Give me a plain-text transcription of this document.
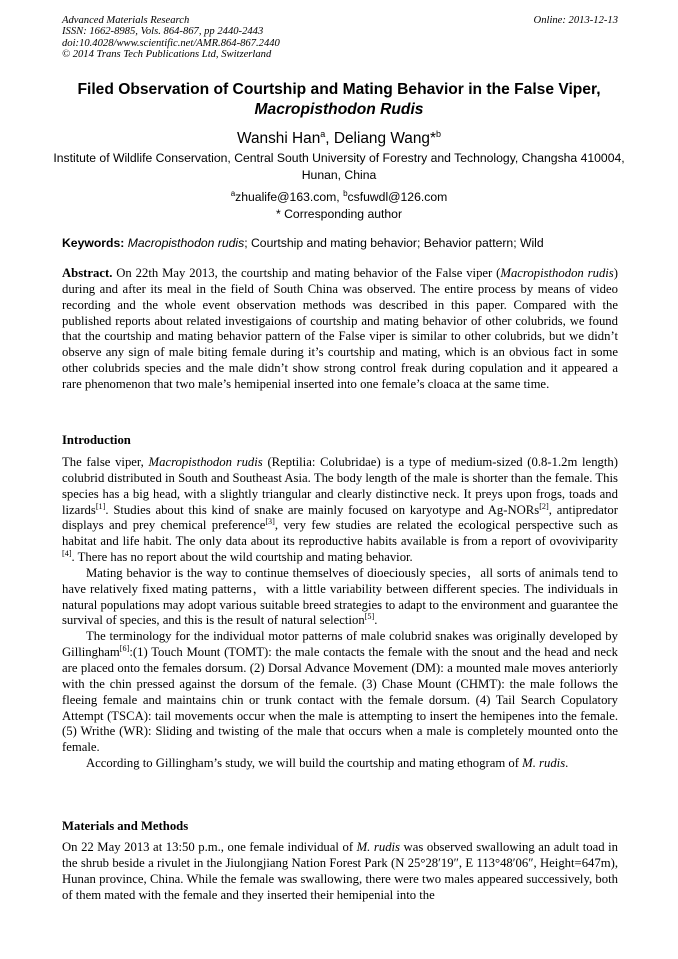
Advanced Materials Research
ISSN: 1662-8985, Vols. 864-867, pp 2440-2443
doi:10.4028/www.scientific.net/AMR.864-867.2440
© 2014 Trans Tech Publications Ltd, Switzerland
Online: 2013-12-13
Filed Observation of Courtship and Mating Behavior in the False Viper,
Macropisthodon Rudis
Wanshi Han$^a$, Deliang Wang*$^b$
Institute of Wildlife Conservation, Central South University of Forestry and Technology, Changsha 410004, Hunan, China
$^a$zhualife@163.com, $^b$csfuwdl@126.com
* Corresponding author
Keywords: Macropisthodon rudis; Courtship and mating behavior; Behavior pattern; Wild

Abstract. On 22th May 2013, the courtship and mating behavior of the False viper (Macropisthodon rudis) during and after its meal in the field of South China was observed. The entire process by means of video recording and the whole event observation methods was described in this paper. Compared with the published reports about related investigaions of courtship and mating behavior of other colubrids, we found that the courtship and mating behavior pattern of the False viper is similar to other colubrids, but we didn’t observe any sign of male biting female during it’s courtship and mating, which is an obvious fact in some other colubrids species and the male didn’t show strong control freak during copulation and it appeared a rare phenomenon that two male’s hemipenial inserted into one female’s cloaca at the same time.

Introduction

The false viper, Macropisthodon rudis (Reptilia: Colubridae) is a type of medium-sized (0.8-1.2m length) colubrid distributed in South and Southeast Asia. The body length of the male is shorter than the female. This species has a big head, with a slightly triangular and clearly distinctive neck. It preys upon frogs, toads and lizards[1]. Studies about this kind of snake are mainly focused on karyotype and Ag-NORs[2], antipredator displays and prey chemical preference[3], very few studies are related the ecological perspective such as habitat and life habit. The only data about its reproductive habits available is from a report of ovoviviparity [4]. There has no report about the wild courtship and mating behavior.

Mating behavior is the way to continue themselves of dioeciously species，all sorts of animals tend to have relatively fixed mating patterns，with a little variability between different species. The individuals in natural populations may adopt various suitable breed strategies to adapt to the environment and guarantee the survival of species, and this is the result of natural selection[5].

The terminology for the individual motor patterns of male colubrid snakes was originally developed by Gillingham[6]:(1) Touch Mount (TOMT): the male contacts the female with the snout and the head and neck are placed onto the females dorsum. (2) Dorsal Advance Movement (DM): a mounted male moves anteriorly with the chin pressed against the dorsum of the female. (3) Chase Mount (CHMT): the male follows the fleeing female and maintains chin or trunk contact with the female dorsum. (4) Tail Search Copulatory Attempt (TSCA): tail movements occur when the male is attempting to insert the hemipenes into the female. (5) Writhe (WR): Sliding and twisting of the male that occurs when a male is completely mounted onto the female.

According to Gillingham’s study, we will build the courtship and mating ethogram of M. rudis.

Materials and Methods

On 22 May 2013 at 13:50 p.m., one female individual of M. rudis was observed swallowing an adult toad in the shrub beside a rivulet in the Jiulongjiang Nation Forest Park (N 25°28′19″, E 113°48′06″, Height=647m), Hunan province, China. While the female was swallowing, there were two males appeared successively, both of them mated with the female and they inserted their hemipenial into the
